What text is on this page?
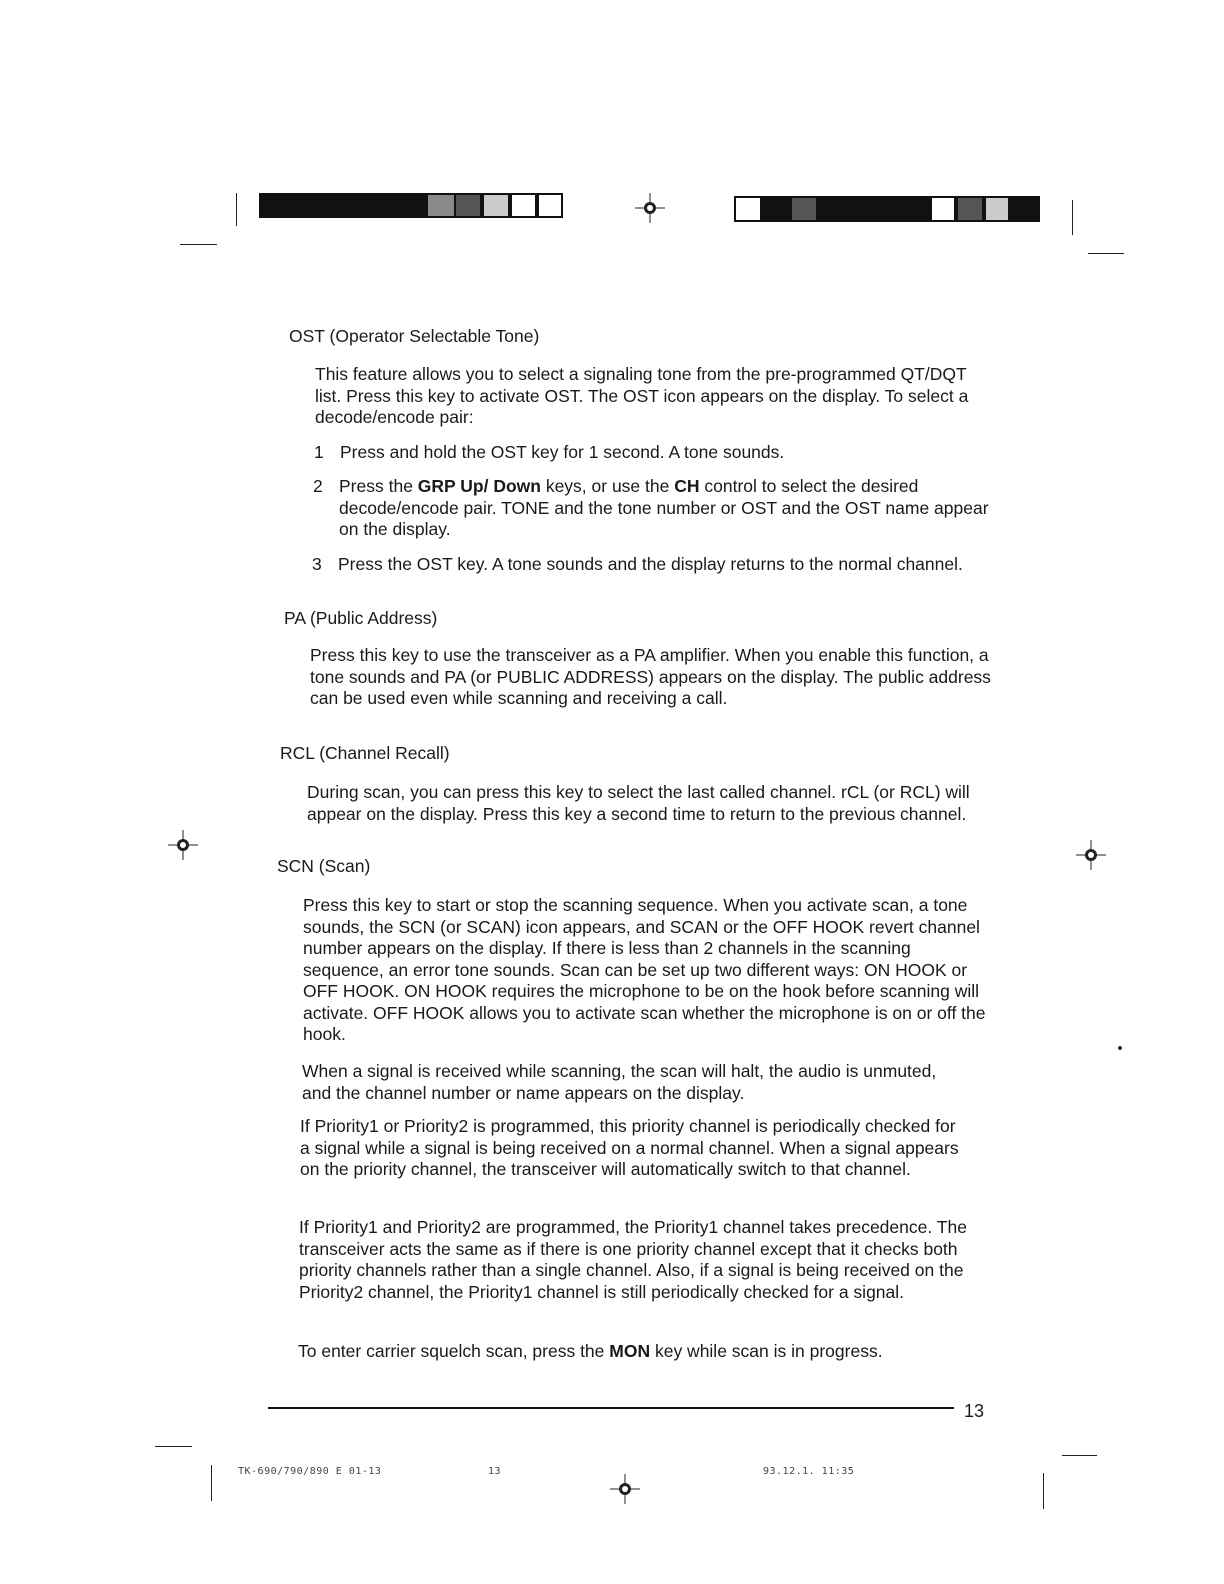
OST (Operator Selectable Tone)
This feature allows you to select a signaling tone from the pre-programmed QT/DQT list. Press this key to activate OST. The OST icon appears on the display. To select a decode/encode pair:
1 Press and hold the OST key for 1 second. A tone sounds.
2 Press the GRP Up/ Down keys, or use the CH control to select the desired decode/encode pair. TONE and the tone number or OST and the OST name appear on the display.
3 Press the OST key. A tone sounds and the display returns to the normal channel.
PA (Public Address)
Press this key to use the transceiver as a PA amplifier. When you enable this function, a tone sounds and PA (or PUBLIC ADDRESS) appears on the display. The public address can be used even while scanning and receiving a call.
RCL (Channel Recall)
During scan, you can press this key to select the last called channel. rCL (or RCL) will appear on the display. Press this key a second time to return to the previous channel.
SCN (Scan)
Press this key to start or stop the scanning sequence. When you activate scan, a tone sounds, the SCN (or SCAN) icon appears, and SCAN or the OFF HOOK revert channel number appears on the display. If there is less than 2 channels in the scanning sequence, an error tone sounds. Scan can be set up two different ways: ON HOOK or OFF HOOK. ON HOOK requires the microphone to be on the hook before scanning will activate. OFF HOOK allows you to activate scan whether the microphone is on or off the hook.
When a signal is received while scanning, the scan will halt, the audio is unmuted, and the channel number or name appears on the display.
If Priority1 or Priority2 is programmed, this priority channel is periodically checked for a signal while a signal is being received on a normal channel. When a signal appears on the priority channel, the transceiver will automatically switch to that channel.
If Priority1 and Priority2 are programmed, the Priority1 channel takes precedence. The transceiver acts the same as if there is one priority channel except that it checks both priority channels rather than a single channel. Also, if a signal is being received on the Priority2 channel, the Priority1 channel is still periodically checked for a signal.
To enter carrier squelch scan, press the MON key while scan is in progress.
13
TK-690/790/890 E 01-13	13	93.12.1. 11:35
